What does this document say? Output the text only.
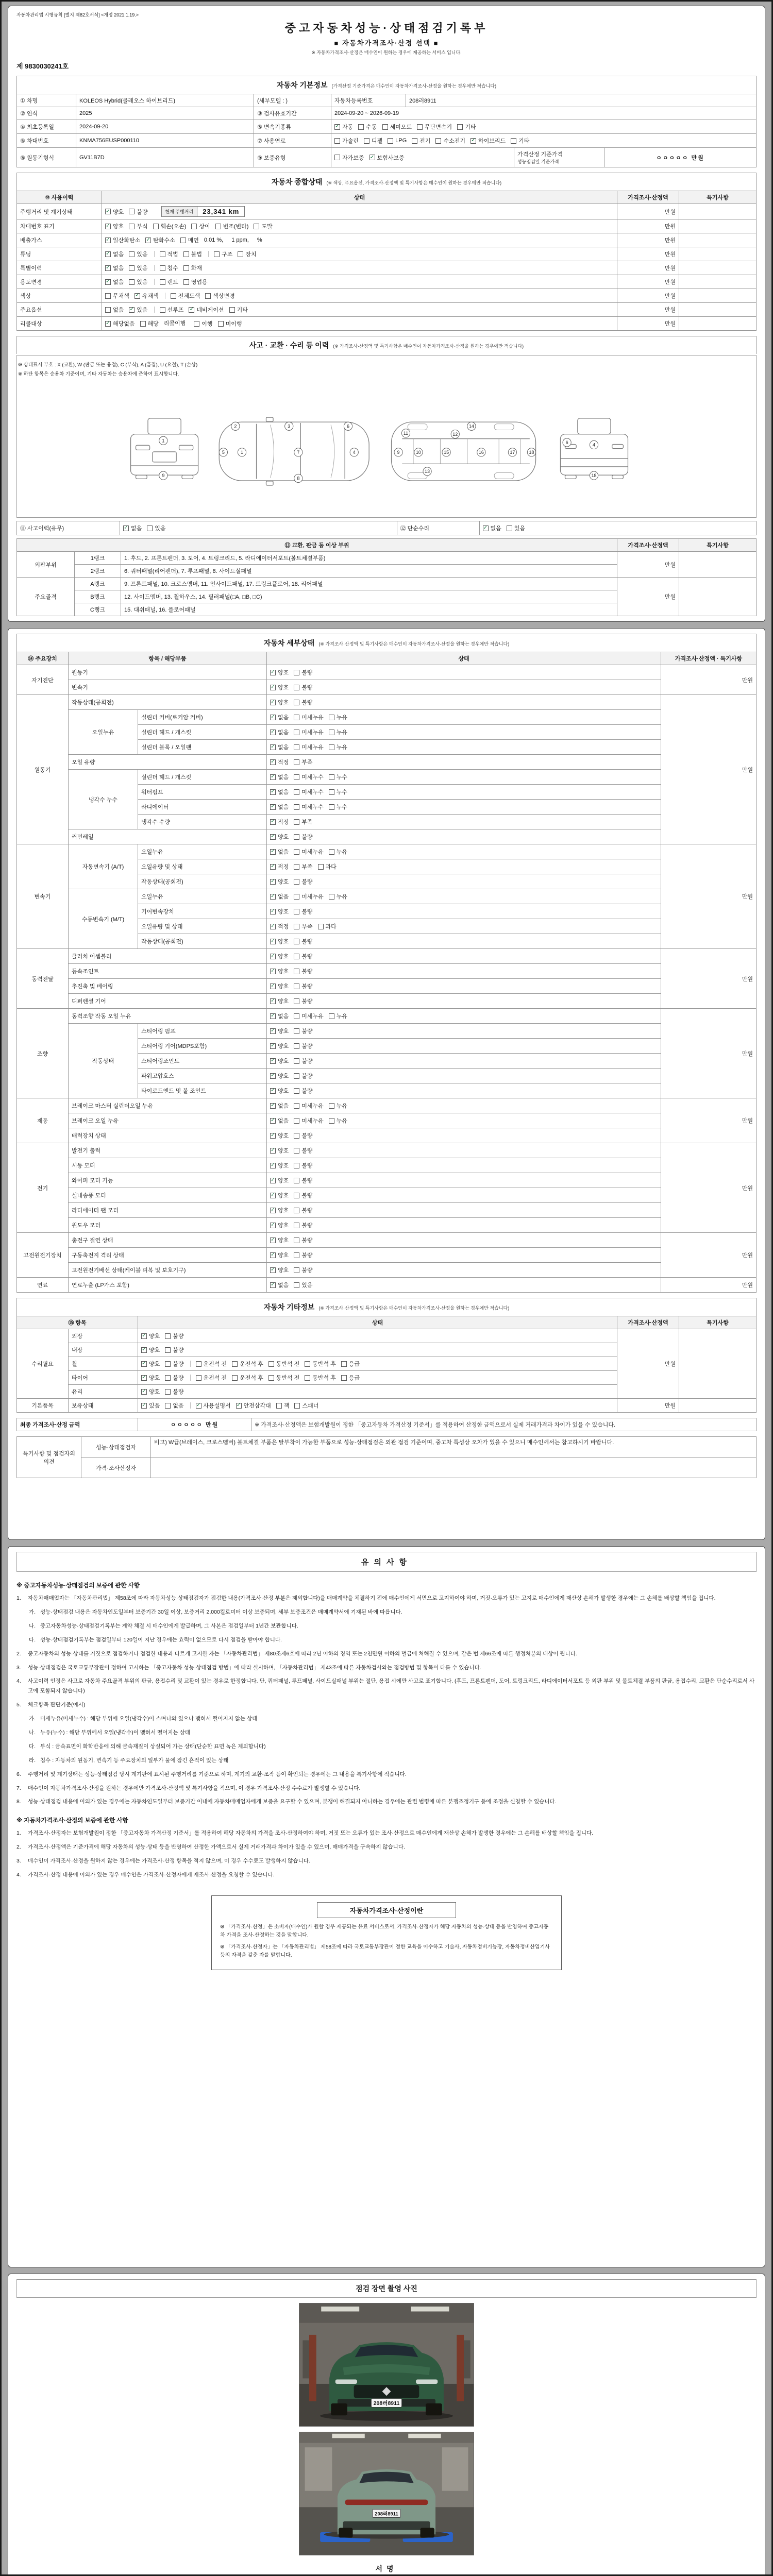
자동차관리법 시행규칙 [별지 제82호서식] <개정 2021.1.19.>
중고자동차성능·상태점검기록부
■ 자동차가격조사·산정 선택 ■
※ 자동차가격조사·산정은 매수인이 원하는 경우에 제공하는 서비스 입니다.
제 9830030241호
자동차 기본정보 (가격산정 기준가격은 매수인이 자동차가격조사·산정을 원하는 경우에만 적습니다)
① 차명	KOLEOS Hybrid(콜레오스 하이브리드)	(세부모델 : )	자동차등록번호	208러8911		
② 연식	2025	③ 검사유효기간	2024-09-20 ~ 2026-09-19			
④ 최초등록일	2024-09-20	⑤ 변속기종류	
✓자동 수동 세미오토 무단변속기 기타

⑥ 차대번호	KNMA756EUSP000110	⑦ 사용연료	가솔린 디젤 LPG 전기 수소전기 ✓ 하이브리드 기타

⑧ 원동기형식	GV11B7D	⑨ 보증유형	자가보증 ✓ 보험사보증

가격산정 기준가격
성능점검일 기준가격
	ㅇㅇㅇㅇㅇ 만원
자동차 종합상태 (※ 색상, 주요옵션, 가격조사·산정액 및 특기사항은 매수인이 원하는 경우에만 적습니다)
⑩ 사용이력	상태	가격조사·산정액	특기사항
주행거리 및 계기상태	
✓양호 불량 현재 주행거리 23,341 km	만원	
차대번호 표기	
✓양호 부식 훼손(오손) 상이 변조(변타) 도말	만원	
배출가스	
✓일산화탄소 ✓ 탄화수소 매연 0.01 %, 1 ppm, %	만원	
튜닝	
✓없음 있음	적법 불법	구조 장치	만원	
특별이력	
✓없음 있음 침수 화재	만원	
용도변경	
✓없음 있음 렌트 영업용	만원	
색상	무채색 ✓ 유채색 전체도색 색상변경	만원	
주요옵션	없음 ✓ 있음 선루프 ✓ 네비게이션 기타	만원	
리콜대상	
✓해당없음 해당 리콜이행 이행 미이행	만원	
사고 · 교환 · 수리 등 이력 (※ 가격조사·산정액 및 특기사항은 매수인이 자동차가격조사·산정을 원하는 경우에만 적습니다)
※ 상태표시 부호 : X (교환), W (판금 또는 용접), C (부식), A (흠집), U (요철), T (손상)
※ 하단 항목은 승용차 기준이며, 기타 자동차는 승용차에 준하여 표시합니다.
1
9
5	1	7	4
2	3	6
8
9	10
11	12
13
14
15	16	17	18
4
18
6
⑪ 사고이력(유무)	
✓없음 있음	⑫ 단순수리	
✓없음 있음
⑬ 교환, 판금 등 이상 부위			가격조사·산정액	특기사항
외판부위	1랭크	1. 후드, 2. 프론트펜더, 3. 도어, 4. 트렁크리드, 5. 라디에이터서포트(볼트체결부품)	만원	
	2랭크	6. 쿼터패널(리어펜더), 7. 루프패널, 8. 사이드실패널		
주요골격	A랭크	9. 프론트패널, 10. 크로스멤버, 11. 인사이드패널, 17. 트렁크플로어, 18. 리어패널	만원	
	B랭크	12. 사이드멤버, 13. 휠하우스, 14. 필러패널(□A, □B, □C)		
	C랭크	15. 대쉬패널, 16. 플로어패널		
자동차 세부상태 (※ 가격조사·산정액 및 특기사항은 매수인이 자동차가격조사·산정을 원하는 경우에만 적습니다)
⑭ 주요장치	항목 / 해당부품		상태	가격조사·산정액 · 특기사항
자기진단	원동기	
✓양호 불량	만원
	변속기	
✓양호 불량

원동기	작동상태(공회전)	
✓양호 불량	만원
	오일누유	실린더 커버(로커암 커버)	
✓없음 미세누유 누유

		실린더 헤드 / 개스킷	
✓없음 미세누유 누유

		실린더 블록 / 오일팬	
✓없음 미세누유 누유

	오일 유량	
✓적정 부족

	냉각수 누수	실린더 헤드 / 개스킷	
✓없음 미세누수 누수

		워터펌프	
✓없음 미세누수 누수

		라디에이터	
✓없음 미세누수 누수

		냉각수 수량	
✓적정 부족

	커먼레일	
✓양호 불량

변속기	자동변속기 (A/T)	오일누유	
✓없음 미세누유 누유	만원
		오일유량 및 상태	
✓적정 부족 과다

		작동상태(공회전)	
✓양호 불량

	수동변속기 (M/T)	오일누유	
✓없음 미세누유 누유

		기어변속장치	
✓양호 불량

		오일유량 및 상태	
✓적정 부족 과다

		작동상태(공회전)	
✓양호 불량

동력전달	클러치 어셈블리	
✓양호 불량	만원
	등속조인트	
✓양호 불량

	추진축 및 베어링	
✓양호 불량

	디퍼렌셜 기어	
✓양호 불량

조향	동력조향 작동 오일 누유	
✓없음 미세누유 누유	만원
	작동상태	스티어링 펌프	
✓양호 불량

		스티어링 기어(MDPS포함)	
✓양호 불량

		스티어링조인트	
✓양호 불량

		파워고압호스	
✓양호 불량

		타이로드엔드 및 볼 조인트	
✓양호 불량

제동	브레이크 마스터 실린더오일 누유	
✓없음 미세누유 누유	만원
	브레이크 오일 누유	
✓없음 미세누유 누유

	배력장치 상태	
✓양호 불량

전기	발전기 출력	
✓양호 불량	만원
	시동 모터	
✓양호 불량

	와이퍼 모터 기능	
✓양호 불량

	실내송풍 모터	
✓양호 불량

	라디에이터 팬 모터	
✓양호 불량

	윈도우 모터	
✓양호 불량

고전원전기장치	충전구 절연 상태	
✓양호 불량	만원
	구동축전지 격리 상태	
✓양호 불량

	고전원전기배선 상태(케이블 피복 및 보호기구)	
✓양호 불량

연료	연료누출 (LP가스 포함)	
✓없음 있음	만원
자동차 기타정보 (※ 가격조사·산정액 및 특기사항은 매수인이 자동차가격조사·산정을 원하는 경우에만 적습니다)
⑮ 항목		상태	가격조사·산정액	특기사항
수리필요	외장	
✓양호 불량	만원	
	내장	
✓양호 불량

휠	
✓양호 불량	운전석 전 운전석 후 동반석 전 동반석 후 응급

타이어	
✓양호 불량	운전석 전 운전석 후 동반석 전 동반석 후 응급

	유리	
✓양호 불량

기본품목	보유상태	
✓있음 없음 ✓	사용설명서 ✓ 안전삼각대 잭 스패너	만원	
최종 가격조사·산정 금액	ㅇㅇㅇㅇㅇ 만원	※ 가격조사·산정액은 보험개발원이 정한 「중고자동차 가격산정 기준서」를 적용하여 산정한 금액으로서 실제 거래가격과 차이가 있을 수 있습니다.
특기사항 및 점검자의 의견	성능·상태점검자	비고) W급(브레이스, 크로스멤버) 볼트체결 부품은 탈부착이 가능한 부품으로 성능·상태점검은 외관 점검 기준이며, 중고차 특성상 오차가 있을 수 있으니 매수인께서는 참고하시기 바랍니다.
	가격·조사산정자	
유의사항
※ 중고자동차성능·상태점검의 보증에 관한 사항
1.	자동차매매업자는 「자동차관리법」 제58조에 따라 자동차성능·상태점검자가 점검한 내용(가격조사·산정 부분은 제외합니다)을 매매계약을 체결하기 전에 매수인에게 서면으로 고지하여야 하며, 거짓·오류가 있는 고지로 매수인에게 재산상 손해가 발생한 경우에는 그 손해를 배상할 책임을 집니다.
가. 성능·상태점검 내용은 자동차인도일부터 보증기간 30일 이상, 보증거리 2,000킬로미터 이상 보증되며, 세부 보증조건은 매매계약서에 기재된 바에 따릅니다.
나. 중고자동차성능·상태점검기록부는 계약 체결 시 매수인에게 발급하며, 그 사본은 점검일부터 1년간 보관합니다.
다. 성능·상태점검기록부는 점검일부터 120일이 지난 경우에는 효력이 없으므로 다시 점검을 받아야 합니다.
2.	중고자동차의 성능·상태를 거짓으로 점검하거나 점검한 내용과 다르게 고지한 자는 「자동차관리법」 제80조제6호에 따라 2년 이하의 징역 또는 2천만원 이하의 벌금에 처해질 수 있으며, 같은 법 제66조에 따른 행정처분의 대상이 됩니다.
3.	성능·상태점검은 국토교통부장관이 정하여 고시하는 「중고자동차 성능·상태점검 방법」에 따라 실시하며, 「자동차관리법」 제43조에 따른 자동차검사와는 점검방법 및 항목이 다를 수 있습니다.
4.	사고이력 인정은 사고로 자동차 주요골격 부위의 판금, 용접수리 및 교환이 있는 경우로 한정합니다. 단, 쿼터패널, 루프패널, 사이드실패널 부위는 절단, 용접 시에만 사고로 표기합니다. (후드, 프론트펜더, 도어, 트렁크리드, 라디에이터서포트 등 외판 부위 및 볼트체결 부품의 판금, 용접수리, 교환은 단순수리로서 사고에 포함되지 않습니다)
5.	체크항목 판단기준(예시)
가. 미세누유(미세누수) : 해당 부위에 오일(냉각수)이 스며나와 있으나 맺혀서 떨어지지 않는 상태
나. 누유(누수) : 해당 부위에서 오일(냉각수)이 맺혀서 떨어지는 상태
다. 부식 : 금속표면이 화학반응에 의해 금속재질이 상실되어 가는 상태(단순한 표면 녹은 제외합니다)
라. 침수 : 자동차의 원동기, 변속기 등 주요장치의 일부가 물에 잠긴 흔적이 있는 상태
6.	주행거리 및 계기상태는 성능·상태점검 당시 계기판에 표시된 주행거리를 기준으로 하며, 계기의 교환·조작 등이 확인되는 경우에는 그 내용을 특기사항에 적습니다.
7.	매수인이 자동차가격조사·산정을 원하는 경우에만 가격조사·산정액 및 특기사항을 적으며, 이 경우 가격조사·산정 수수료가 발생할 수 있습니다.
8.	성능·상태점검 내용에 이의가 있는 경우에는 자동차인도일부터 보증기간 이내에 자동차매매업자에게 보증을 요구할 수 있으며, 분쟁이 해결되지 아니하는 경우에는 관련 법령에 따른 분쟁조정기구 등에 조정을 신청할 수 있습니다.
※ 자동차가격조사·산정의 보증에 관한 사항
1.	가격조사·산정자는 보험개발원이 정한 「중고자동차 가격산정 기준서」를 적용하여 해당 자동차의 가격을 조사·산정하여야 하며, 거짓 또는 오류가 있는 조사·산정으로 매수인에게 재산상 손해가 발생한 경우에는 그 손해를 배상할 책임을 집니다.
2.	가격조사·산정액은 기준가격에 해당 자동차의 성능·상태 등을 반영하여 산정한 가액으로서 실제 거래가격과 차이가 있을 수 있으며, 매매가격을 구속하지 않습니다.
3.	매수인이 가격조사·산정을 원하지 않는 경우에는 가격조사·산정 항목을 적지 않으며, 이 경우 수수료도 발생하지 않습니다.
4.	가격조사·산정 내용에 이의가 있는 경우 매수인은 가격조사·산정자에게 재조사·산정을 요청할 수 있습니다.
자동차가격조사·산정이란

※ 「가격조사·산정」은 소비자(매수인)가 원할 경우 제공되는 유료 서비스로서, 가격조사·산정자가 해당 자동차의 성능·상태 등을 반영하여 중고자동차 가격을 조사·산정하는 것을 말합니다.

※ 「가격조사·산정자」는 「자동차관리법」 제58조에 따라 국토교통부장관이 정한 교육을 이수하고 기술사, 자동차정비기능장, 자동차정비산업기사 등의 자격을 갖춘 자를 말합니다.

점검 장면 촬영 사진
208러8911
208러8911
서명
